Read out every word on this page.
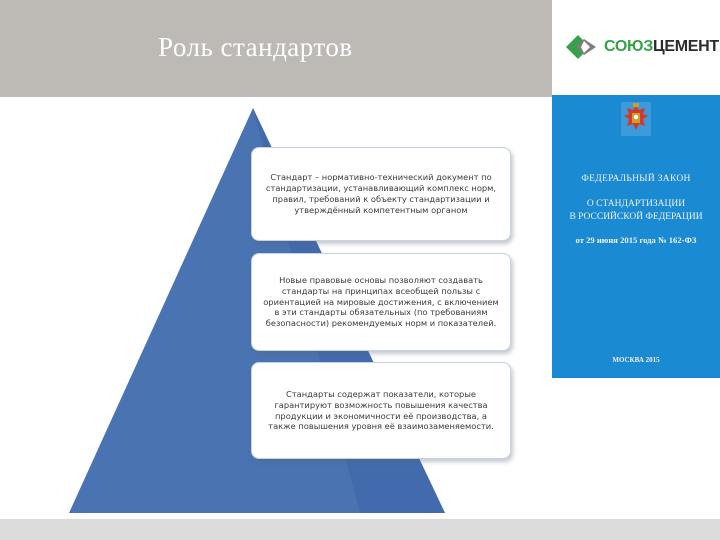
Роль стандартов	СОЮЗЦЕМЕНТ
Стандарт – нормативно-технический документ по стандартизации, устанавливающий комплекс норм, правил, требований к объекту стандартизации и утверждённый компетентным органом
Новые правовые основы позволяют создавать стандарты на принципах всеобщей пользы с ориентацией на мировые достижения, с включением в эти стандарты обязательных (по требованиям безопасности) рекомендуемых норм и показателей.
Стандарты содержат показатели, которые гарантируют возможность повышения качества продукции и экономичности её производства, а также повышения уровня её взаимозаменяемости.
ФЕДЕРАЛЬНЫЙ ЗАКОН
О СТАНДАРТИЗАЦИИ
В РОССИЙСКОЙ ФЕДЕРАЦИИ
от 29 июня 2015 года № 162-ФЗ
МОСКВА 2015
